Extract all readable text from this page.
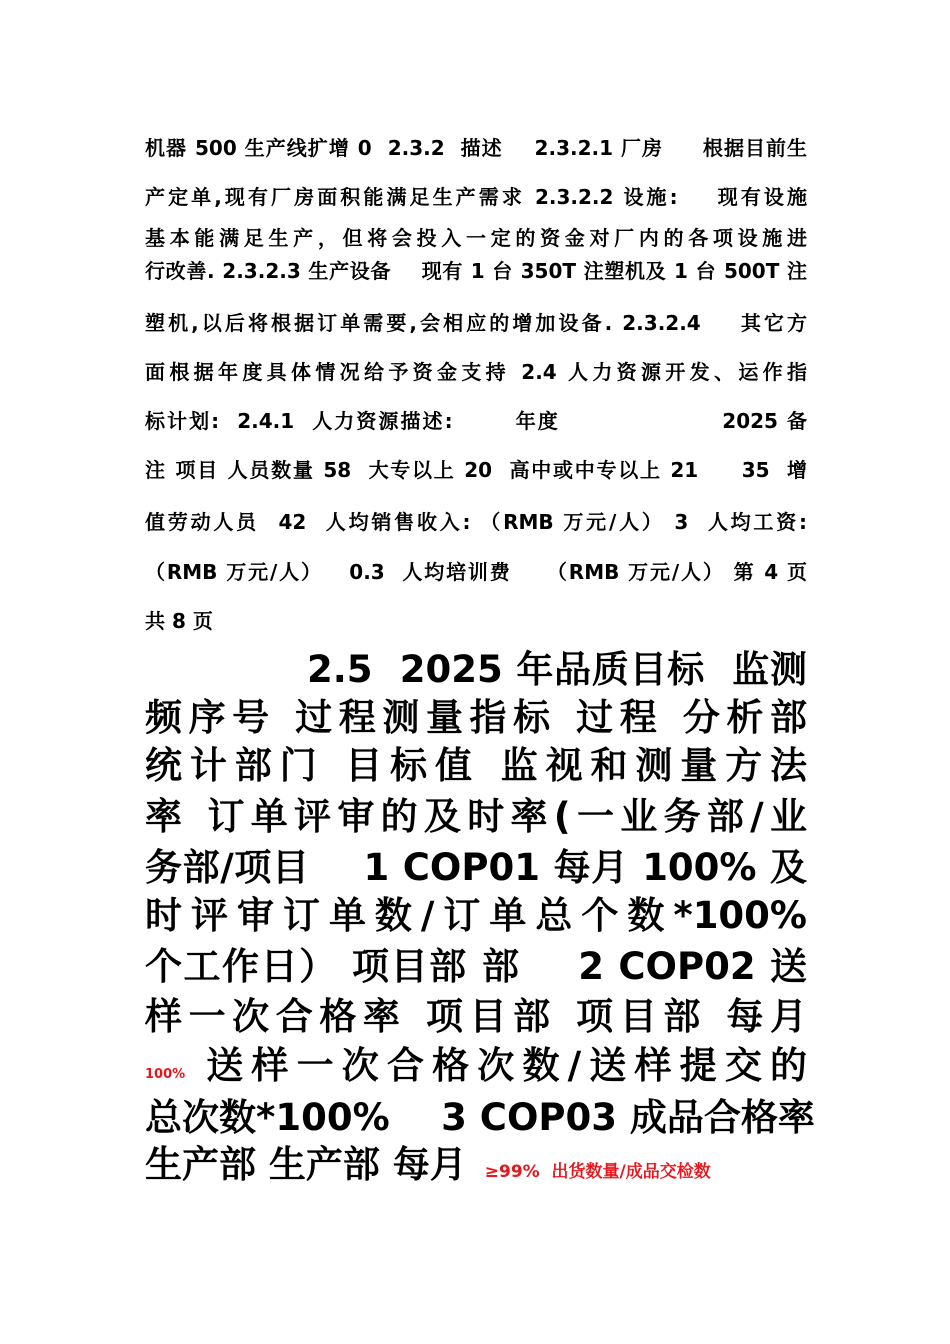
机器 500 生产线扩增 0  2.3.2  描述    2.3.2.1 厂房     根据目前生
产定单,现有厂房面积能满足生产需求 2.3.2.2 设施:    现有设施
基本能满足生产，但将会投入一定的资金对厂内的各项设施进
行改善. 2.3.2.3 生产设备    现有 1 台 350T 注塑机及 1 台 500T 注
塑机,以后将根据订单需要,会相应的增加设备. 2.3.2.4    其它方
面根据年度具体情况给予资金支持 2.4 人力资源开发、运作指
标计划:  2.4.1  人力资源描述:       年度                  2025 备
注 项目 人员数量 58  大专以上 20  高中或中专以上 21     35  增
值劳动人员  42  人均销售收入: （RMB 万元/人） 3  人均工资:
（RMB 万元/人）   0.3  人均培训费    （RMB 万元/人） 第 4 页
共 8 页
2.5  2025 年品质目标  监测
频序号 过程测量指标 过程 分析部
统计部门 目标值 监视和测量方法
率 订单评审的及时率(一业务部/业
务部/项目    1 COP01 每月 100% 及
时评审订单数/订单总个数*100%
个工作日） 项目部 部    2 COP02 送
样一次合格率 项目部 项目部 每月
100% 送样一次合格次数/送样提交的
总次数*100%    3 COP03 成品合格率
生产部 生产部 每月 ≥99%  出货数量/成品交检数
